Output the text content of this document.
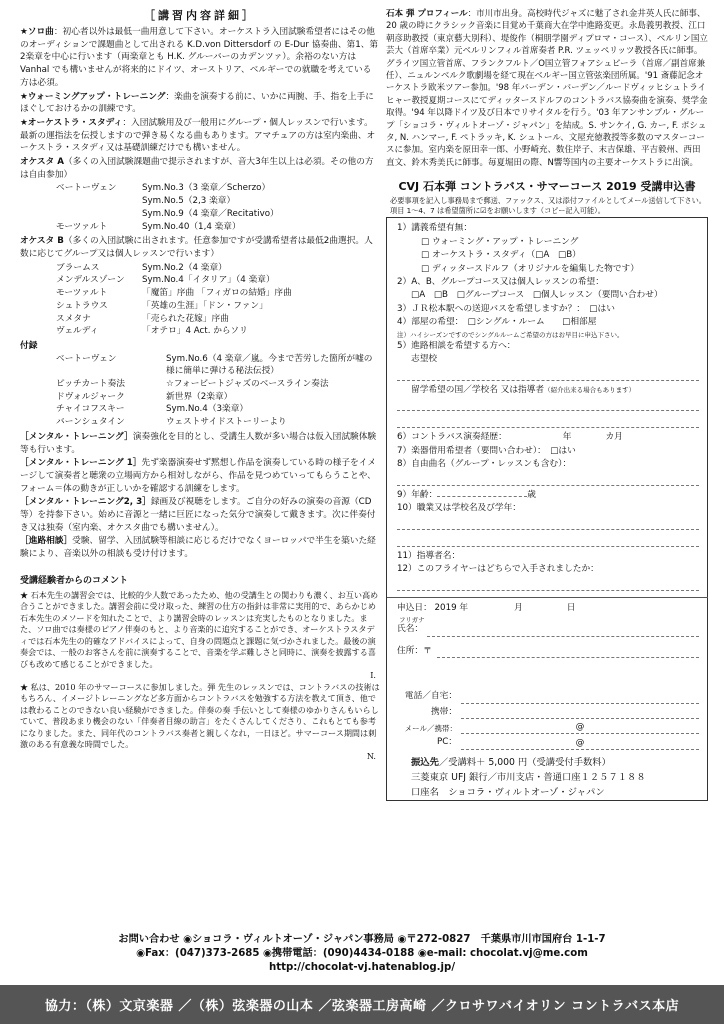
［講習内容詳細］
★ソロ曲：初心者以外は最低一曲用意して下さい。オーケストラ入団試験希望者にはその他のオーディションで課題曲として出される K.D.von Dittersdorf の E-Dur 協奏曲、第1、第2楽章を中心に行います（両楽章とも H.K. グルーバーのカデンツァ）。余裕のない方は Vanhal でも構いませんが将来的にドイツ、オーストリア、ベルギーでの就職を考えている方は必須。
★ウォーミングアップ・トレーニング：楽曲を演奏する前に、いかに両腕、手、指を上手にほぐしておけるかの訓練です。
★オーケストラ・スタディ：入団試験用及び一般用にグループ・個人レッスンで行います。最新の運指法を伝授しますので弾き易くなる曲もあります。アマチュアの方は室内楽曲、オーケストラ・スタディ又は基礎訓練だけでも構いません。
オケスタ A（多くの入団試験課題曲で提示されますが、音大3年生以上は必須。その他の方は自由参加）
ベートーヴェン	Sym.No.3（3 楽章／Scherzo）
Sym.No.5（2,3 楽章）
Sym.No.9（4 楽章／Recitativo）
モーツァルト	Sym.No.40（1,4 楽章）
オケスタ B（多くの入団試験に出されます。任意参加ですが受講希望者は最低2曲選択。人数に応じてグループ又は個人レッスンで行います）
ブラームス	Sym.No.2（4 楽章）
メンデルスゾーン	Sym.No.4「イタリア」（4 楽章）
モーツァルト	「魔笛」序曲 「フィガロの結婚」序曲
シュトラウス	「英雄の生涯」「ドン・ファン」
スメタナ	「売られた花嫁」序曲
ヴェルディ	「オテロ」4 Act. からソリ
付録
ベートーヴェン	Sym.No.6（4 楽章／嵐。今まで苦労した箇所が嘘の様に簡単に弾ける秘法伝授）
ピッチカート奏法	☆フォービートジャズのベースライン奏法
ドヴォルジャーク	新世界（2楽章）
チャイコフスキー	Sym.No.4（3楽章）
バーンシュタイン	ウェストサイドストーリーより
［メンタル・トレーニング］演奏強化を目的とし、受講生人数が多い場合は仮入団試験体験等も行います。
［メンタル・トレーニング 1］先ず楽器演奏せず黙想し作品を演奏している時の様子をイメージして演奏者と聴衆の立場両方から相対しながら、作品を見つめていってもらうことや、フォーム＝体の動きが正しいかを確認する訓練をします。
［メンタル・トレーニング2, 3］録画及び視聴をします。ご自分の好みの演奏の音源（CD等）を持参下さい。始めに音源と一緒に巨匠になった気分で演奏して戴きます。次に伴奏付き又は独奏（室内楽、オケスタ曲でも構いません）。
［進路相談］受験、留学、入団試験等相談に応じるだけでなくヨーロッパで半生を築いた経験により、音楽以外の相談も受け付けます。
受講経験者からのコメント

★ 石本先生の講習会では、比較的少人数であったため、他の受講生との関わりも濃く、お互い高め合うことができました。講習会前に受け取った、練習の仕方の指針は非常に実用的で、あらかじめ石本先生のメソードを知れたことで、より講習会時のレッスンは充実したものとなりました。また、ソロ曲では奏様のピアノ伴奏のもと、より音楽的に追究することができ、オーケストラスタディでは石本先生の的確なアドバイスによって、自身の問題点と課題に気づかされました。最後の演奏会では、一般のお客さんを前に演奏することで、音楽を学ぶ難しさと同時に、演奏を披露する喜びも改めて感じることができました。

I.

★ 私は、2010 年のサマーコースに参加しました。弾 先生のレッスンでは、コントラバスの技術はもちろん、イメージトレーニングなど多方面からコントラバスを勉強する方法を教えて頂き、他では教わることのできない良い経験ができました。伴奏の奏 手伝いとして奏様のゆかりさんもいらしていて、普段あまり機会のない「伴奏者目線の助言」をたくさんしてくださり、これもとても参考になりました。また、同年代のコントラバス奏者と親しくなれ，一日ほど。サマーコース期間は刺激のある有意義な時間でした。

N.

石本 弾 プロフィール：市川市出身。高校時代ジャズに魅了され金井英人氏に師事、20 歳の時にクラシック音楽に目覚め千葉商大在学中進路変更。永島義男教授、江口朝彦助教授（東京藝大別科）、堤俊作（桐朋学園ディプロマ・コース）、ベルリン国立芸大（首席卒業）元ベルリンフィル首席奏者 P.R. ツェッペリッツ教授各氏に師事。グライツ国立管首席、フランクフルト／O国立管フォアシュピーラ（首席／副首席兼任）、ニュルンベルク歌劇場を経て現在ベルギー国立管弦楽団所属。'91 斎藤記念オーケストラ欧米ツアー参加。'98 年バーデン・バーデン／ルードヴィッヒシュトライヒャー教授夏期コースにてディッタースドルフのコントラバス協奏曲を演奏、奨学金取得。'94 年以降ドイツ及び日本でリサイタルを行う。'03 年アンサンブル・グループ「ショコラ・ヴィルトオーゾ・ジャパン」を結成。S. サンケイ, G. カー, F. ポシュタ, N. ハンマー, F. ペトラッキ, K. シュトール、文屋充徳教授等多数のマスターコースに参加。室内楽を原田幸一郎、小野崎充、数住岸子、末吉保雄、平吉毅州、西田直文、鈴木秀美氏に師事。毎夏堀田の際、N響等国内の主要オーケストラに出演。

CVJ 石本弾 コントラバス・サマーコース 2019 受講申込書
必要事項を記入し事務局まで郵送、ファックス、又は添付ファイルとしてメール送信して下さい。項目 1～4、7 は希望箇所に☑をお願いします（コピー記入可能）。
1）講義希望有無：
□ ウォーミング・アップ・トレーニング
□ オーケストラ・スタディ（□A　□B）
□ ディッタースドルフ（オリジナルを編集した物です）
2）A、B、グループコース又は個人レッスンの希望：
□A　□B　□グループコース　□個人レッスン（要問い合わせ）
3）ＪＲ松本駅への送迎バスを希望しますか？：　□はい
4）部屋の希望：　□シングル・ルーム　　□相部屋
注）ハイシーズンですのでシングルルームご希望の方はお早目に申込下さい。
5）進路相談を希望する方へ：
志望校
留学希望の国／学校名 又は指導者（紹介出来る場合もあります）
6）コントラバス演奏経歴：	年	カ月
7）楽器借用希望者（要問い合わせ）：　□はい
8）自由曲名（グループ・レッスンも含む）：
9）年齢：	歳
10）職業又は学校名及び学年：
11）指導者名：
12）このフライヤーはどちらで入手されましたか：
申込日： 2019 年	月	日
フリガナ
氏名：
住所：〒
電話／自宅：
携帯：
メール／携帯：	@
PC：	@
振込先／受講料＋ 5,000 円（受講受付手数料）
三菱東京 UFJ 銀行／市川支店・普通口座１２５７１８８
口座名　ショコラ・ヴィルトオーゾ・ジャパン
お問い合わせ ◉ショコラ・ヴィルトオーゾ・ジャパン事務局 ◉〒272-0827　千葉県市川市国府台 1-1-7
◉Fax：(047)373-2685 ◉携帯電話：(090)4434-0188 ◉e-mail: chocolat.vj@me.com
http://chocolat-vj.hatenablog.jp/
協力：（株）文京楽器 ／（株）弦楽器の山本 ／弦楽器工房高崎 ／クロサワバイオリン コントラバス本店
